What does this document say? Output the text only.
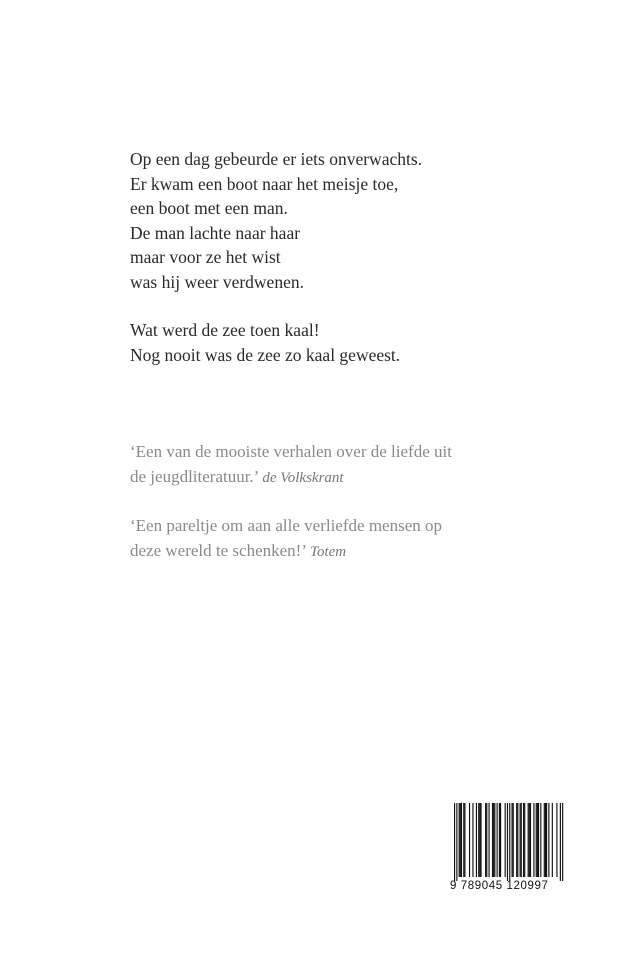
Op een dag gebeurde er iets onverwachts.
Er kwam een boot naar het meisje toe,
een boot met een man.
De man lachte naar haar
maar voor ze het wist
was hij weer verdwenen.
Wat werd de zee toen kaal!
Nog nooit was de zee zo kaal geweest.
‘Een van de mooiste verhalen over de liefde uit
de jeugdliteratuur.’ de Volkskrant
‘Een pareltje om aan alle verliefde mensen op
deze wereld te schenken!’ Totem
9 789045 120997
